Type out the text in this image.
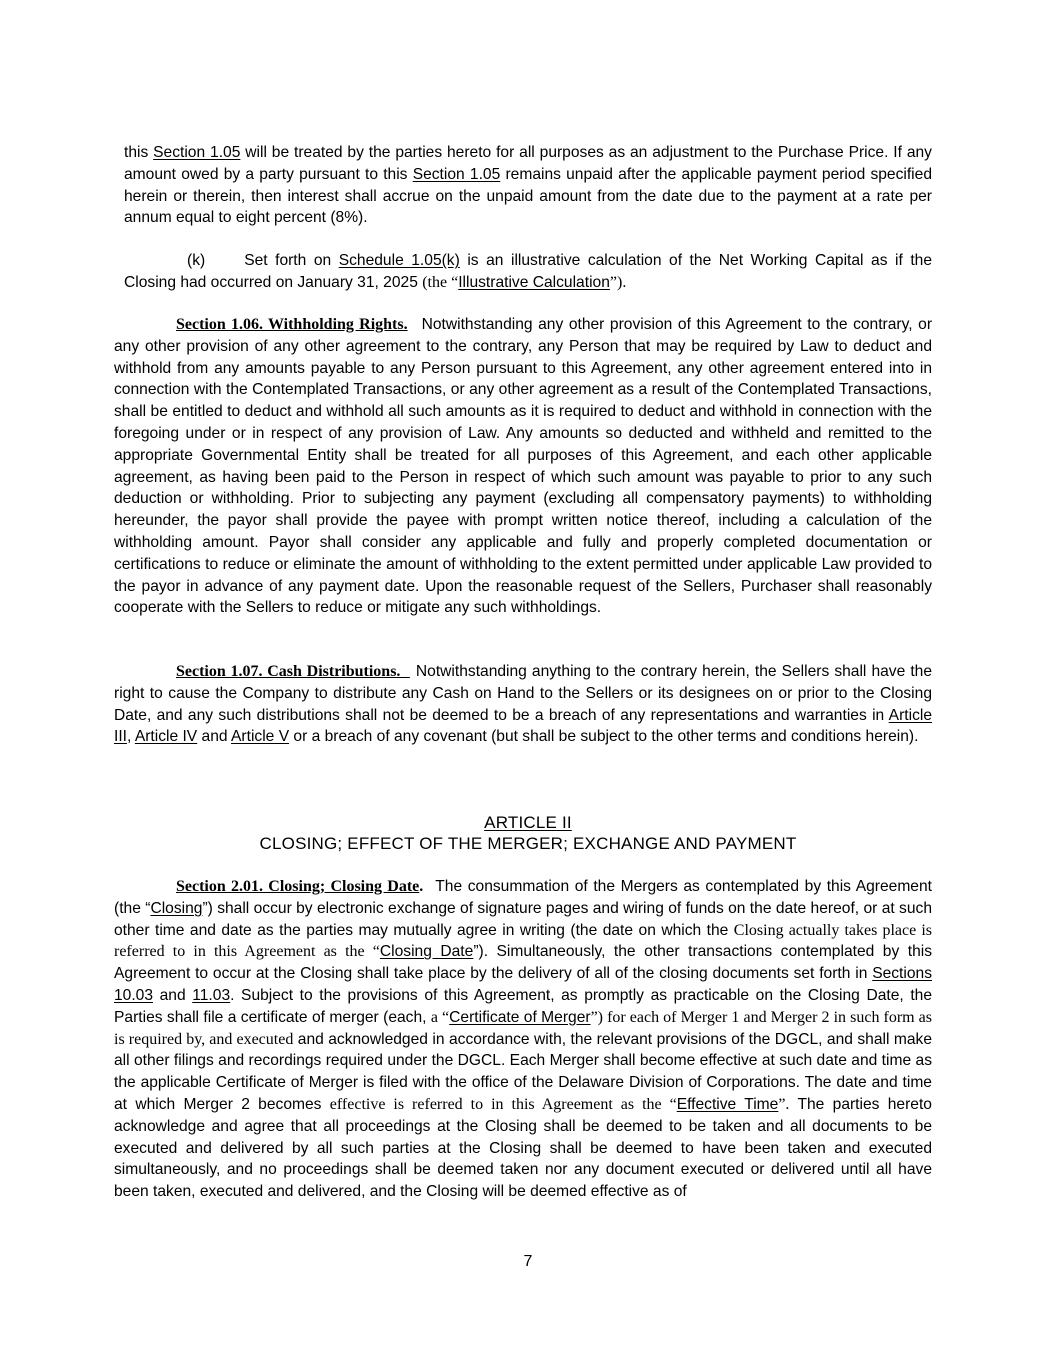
this Section 1.05 will be treated by the parties hereto for all purposes as an adjustment to the Purchase Price. If any amount owed by a party pursuant to this Section 1.05 remains unpaid after the applicable payment period specified herein or therein, then interest shall accrue on the unpaid amount from the date due to the payment at a rate per annum equal to eight percent (8%).

(k)	Set forth on Schedule 1.05(k) is an illustrative calculation of the Net Working Capital as if the Closing had occurred on January 31, 2025 (the “Illustrative Calculation”).

Section 1.06. Withholding Rights. Notwithstanding any other provision of this Agreement to the contrary, or any other provision of any other agreement to the contrary, any Person that may be required by Law to deduct and withhold from any amounts payable to any Person pursuant to this Agreement, any other agreement entered into in connection with the Contemplated Transactions, or any other agreement as a result of the Contemplated Transactions, shall be entitled to deduct and withhold all such amounts as it is required to deduct and withhold in connection with the foregoing under or in respect of any provision of Law. Any amounts so deducted and withheld and remitted to the appropriate Governmental Entity shall be treated for all purposes of this Agreement, and each other applicable agreement, as having been paid to the Person in respect of which such amount was payable to prior to any such deduction or withholding. Prior to subjecting any payment (excluding all compensatory payments) to withholding hereunder, the payor shall provide the payee with prompt written notice thereof, including a calculation of the withholding amount. Payor shall consider any applicable and fully and properly completed documentation or certifications to reduce or eliminate the amount of withholding to the extent permitted under applicable Law provided to the payor in advance of any payment date. Upon the reasonable request of the Sellers, Purchaser shall reasonably cooperate with the Sellers to reduce or mitigate any such withholdings.

Section 1.07. Cash Distributions. Notwithstanding anything to the contrary herein, the Sellers shall have the right to cause the Company to distribute any Cash on Hand to the Sellers or its designees on or prior to the Closing Date, and any such distributions shall not be deemed to be a breach of any representations and warranties in Article III, Article IV and Article V or a breach of any covenant (but shall be subject to the other terms and conditions herein).

ARTICLE II

CLOSING; EFFECT OF THE MERGER; EXCHANGE AND PAYMENT

Section 2.01. Closing; Closing Date. The consummation of the Mergers as contemplated by this Agreement (the “Closing”) shall occur by electronic exchange of signature pages and wiring of funds on the date hereof, or at such other time and date as the parties may mutually agree in writing (the date on which the Closing actually takes place is referred to in this Agreement as the “Closing Date”). Simultaneously, the other transactions contemplated by this Agreement to occur at the Closing shall take place by the delivery of all of the closing documents set forth in Sections 10.03 and 11.03. Subject to the provisions of this Agreement, as promptly as practicable on the Closing Date, the Parties shall file a certificate of merger (each, a “Certificate of Merger”) for each of Merger 1 and Merger 2 in such form as is required by, and executed and acknowledged in accordance with, the relevant provisions of the DGCL, and shall make all other filings and recordings required under the DGCL. Each Merger shall become effective at such date and time as the applicable Certificate of Merger is filed with the office of the Delaware Division of Corporations. The date and time at which Merger 2 becomes effective is referred to in this Agreement as the “Effective Time”. The parties hereto acknowledge and agree that all proceedings at the Closing shall be deemed to be taken and all documents to be executed and delivered by all such parties at the Closing shall be deemed to have been taken and executed simultaneously, and no proceedings shall be deemed taken nor any document executed or delivered until all have been taken, executed and delivered, and the Closing will be deemed effective as of

7
